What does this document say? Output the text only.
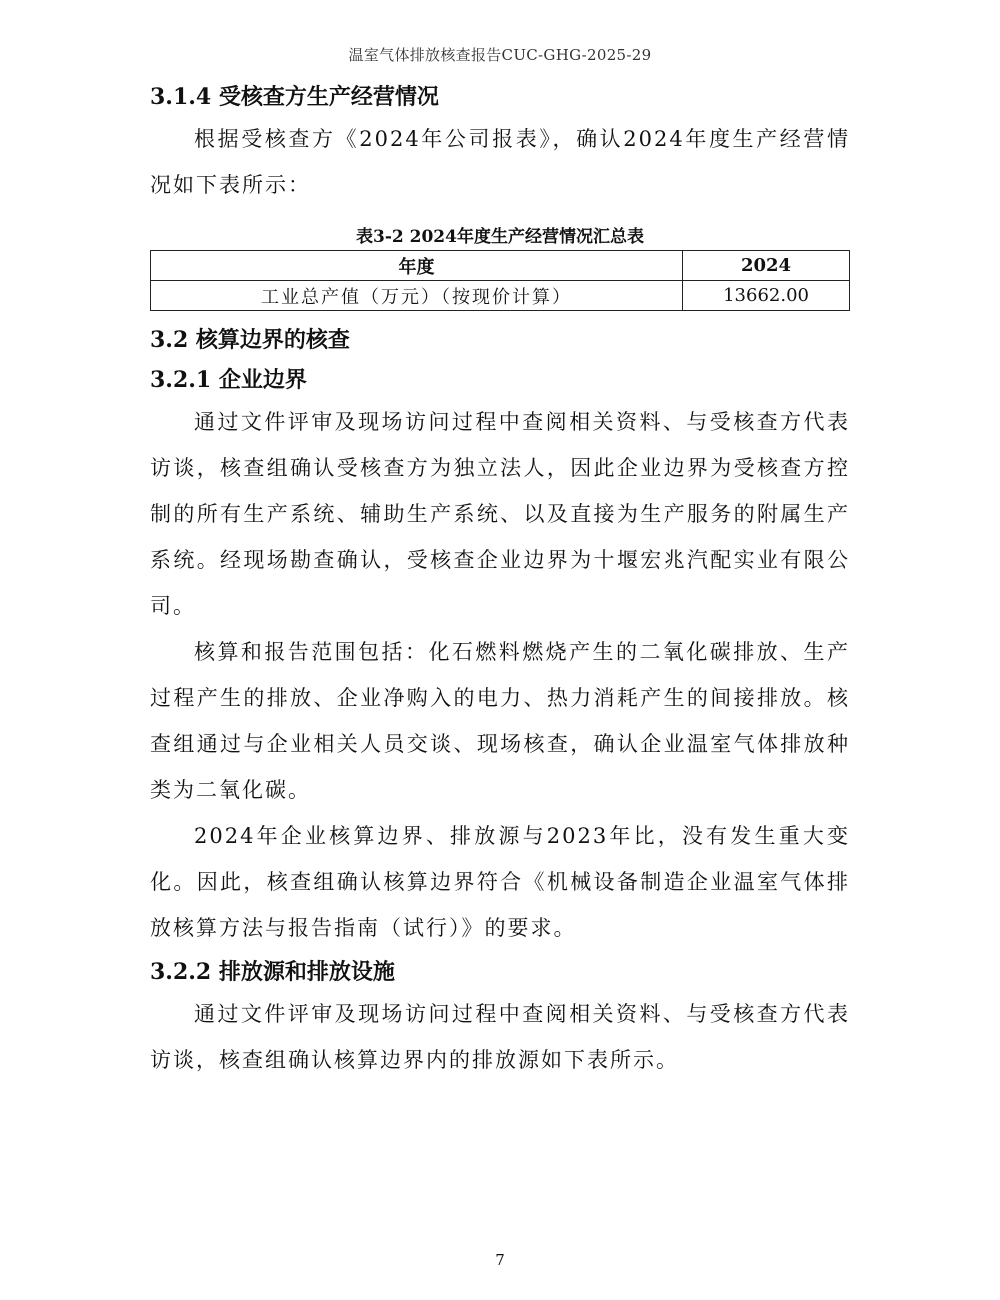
温室气体排放核查报告CUC-GHG-2025-29
3.1.4 受核查方生产经营情况

根据受核查方《2024年公司报表》，确认2024年度生产经营情况如下表所示：

表3-2 2024年度生产经营情况汇总表
年度	2024
工业总产值（万元）（按现价计算）	13662.00
3.2 核算边界的核查
3.2.1 企业边界

通过文件评审及现场访问过程中查阅相关资料、与受核查方代表访谈，核查组确认受核查方为独立法人，因此企业边界为受核查方控制的所有生产系统、辅助生产系统、以及直接为生产服务的附属生产系统。经现场勘查确认，受核查企业边界为十堰宏兆汽配实业有限公司。

核算和报告范围包括：化石燃料燃烧产生的二氧化碳排放、生产过程产生的排放、企业净购入的电力、热力消耗产生的间接排放。核查组通过与企业相关人员交谈、现场核查，确认企业温室气体排放种类为二氧化碳。

2024年企业核算边界、排放源与2023年比，没有发生重大变化。因此，核查组确认核算边界符合《机械设备制造企业温室气体排放核算方法与报告指南（试行）》的要求。

3.2.2 排放源和排放设施

通过文件评审及现场访问过程中查阅相关资料、与受核查方代表访谈，核查组确认核算边界内的排放源如下表所示。

7
